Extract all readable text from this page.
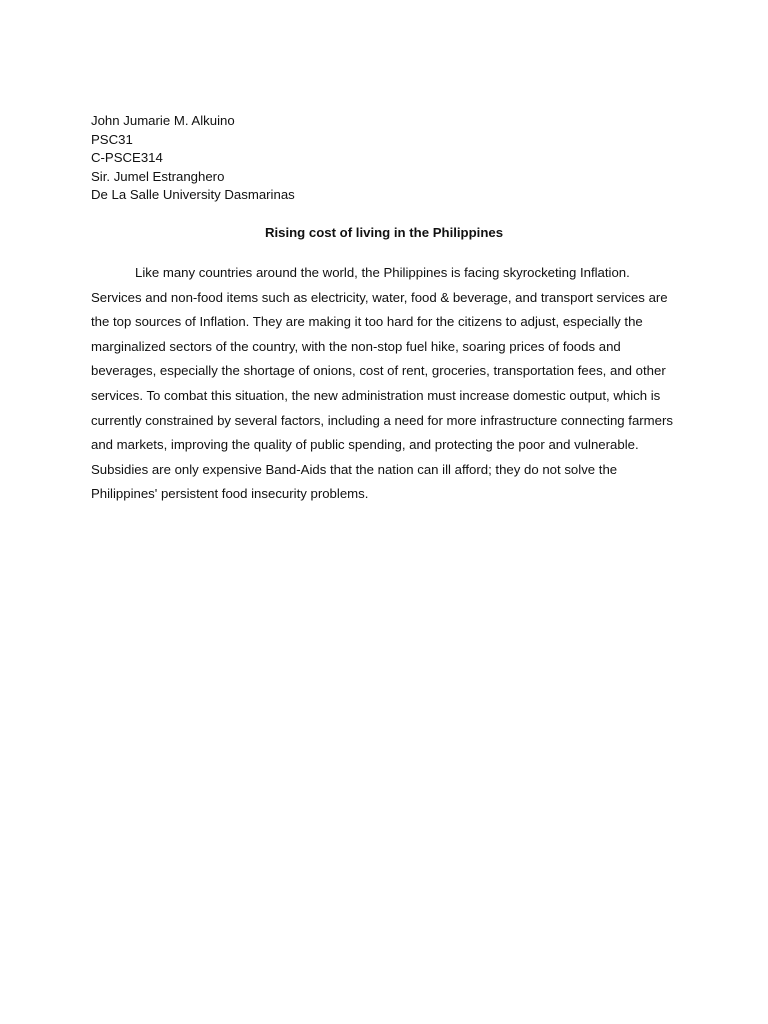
John Jumarie M. Alkuino
PSC31
C-PSCE314
Sir. Jumel Estranghero
De La Salle University Dasmarinas
Rising cost of living in the Philippines

Like many countries around the world, the Philippines is facing skyrocketing Inflation. Services and non-food items such as electricity, water, food & beverage, and transport services are the top sources of Inflation. They are making it too hard for the citizens to adjust, especially the marginalized sectors of the country, with the non-stop fuel hike, soaring prices of foods and beverages, especially the shortage of onions, cost of rent, groceries, transportation fees, and other services. To combat this situation, the new administration must increase domestic output, which is currently constrained by several factors, including a need for more infrastructure connecting farmers and markets, improving the quality of public spending, and protecting the poor and vulnerable. Subsidies are only expensive Band-Aids that the nation can ill afford; they do not solve the Philippines' persistent food insecurity problems.
